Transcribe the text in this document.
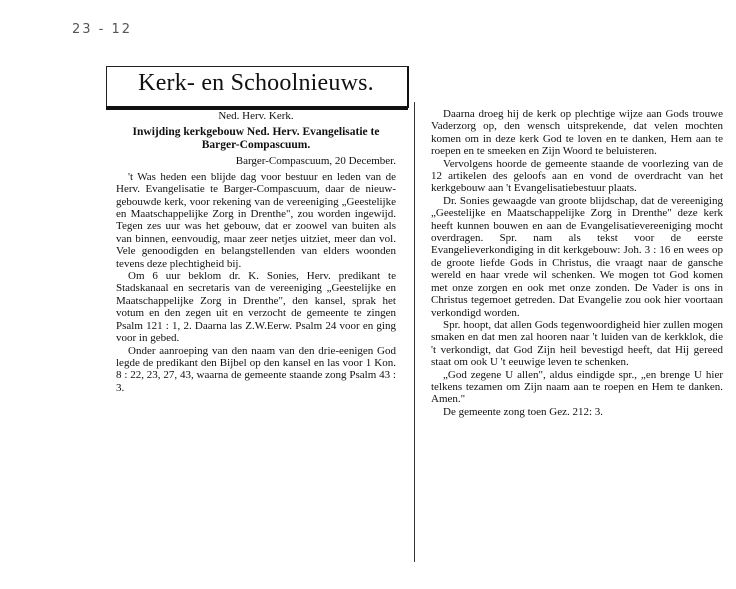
23 - 12
Kerk- en Schoolnieuws.
Ned. Herv. Kerk.
Inwijding kerkgebouw Ned. Herv. Evangelisatie te Barger-Compascuum.
Barger-Compascuum, 20 December.

't Was heden een blijde dag voor bestuur en leden van de Herv. Evangelisatie te Barger-Compascuum, daar de nieuw-gebouwde kerk, voor rekening van de vereeniging „Geestelijke en Maatschappelijke Zorg in Drenthe", zou worden ingewijd. Tegen zes uur was het gebouw, dat er zoowel van buiten als van binnen, eenvoudig, maar zeer netjes uitziet, meer dan vol. Vele genoodigden en belangstellenden van elders woonden tevens deze plechtigheid bij.

Om 6 uur beklom dr. K. Sonies, Herv. predikant te Stadskanaal en secretaris van de vereeniging „Geestelijke en Maatschappelijke Zorg in Drenthe", den kansel, sprak het votum en den zegen uit en verzocht de gemeente te zingen Psalm 121 : 1, 2. Daarna las Z.W.Eerw. Psalm 24 voor en ging voor in gebed.

Onder aanroeping van den naam van den drie-eenigen God legde de predikant den Bijbel op den kansel en las voor 1 Kon. 8 : 22, 23, 27, 43, waarna de gemeente staande zong Psalm 43 : 3.

Daarna droeg hij de kerk op plechtige wijze aan Gods trouwe Vaderzorg op, den wensch uitsprekende, dat velen mochten komen om in deze kerk God te loven en te danken, Hem aan te roepen en te smeeken en Zijn Woord te beluisteren.

Vervolgens hoorde de gemeente staande de voorlezing van de 12 artikelen des geloofs aan en vond de overdracht van het kerkgebouw aan 't Evangelisatiebestuur plaats.

Dr. Sonies gewaagde van groote blijdschap, dat de vereeniging „Geestelijke en Maatschappelijke Zorg in Drenthe" deze kerk heeft kunnen bouwen en aan de Evangelisatievereeniging mocht overdragen. Spr. nam als tekst voor de eerste Evangelieverkondiging in dit kerkgebouw: Joh. 3 : 16 en wees op de groote liefde Gods in Christus, die vraagt naar de gansche wereld en haar vrede wil schenken. We mogen tot God komen met onze zorgen en ook met onze zonden. De Vader is ons in Christus tegemoet getreden. Dat Evangelie zou ook hier voortaan verkondigd worden.

Spr. hoopt, dat allen Gods tegenwoordigheid hier zullen mogen smaken en dat men zal hooren naar 't luiden van de kerkklok, die 't verkondigt, dat God Zijn heil bevestigd heeft, dat Hij gereed staat om ook U 't eeuwige leven te schenken.

„God zegene U allen", aldus eindigde spr., „en brenge U hier telkens tezamen om Zijn naam aan te roepen en Hem te danken. Amen."

De gemeente zong toen Gez. 212: 3.
